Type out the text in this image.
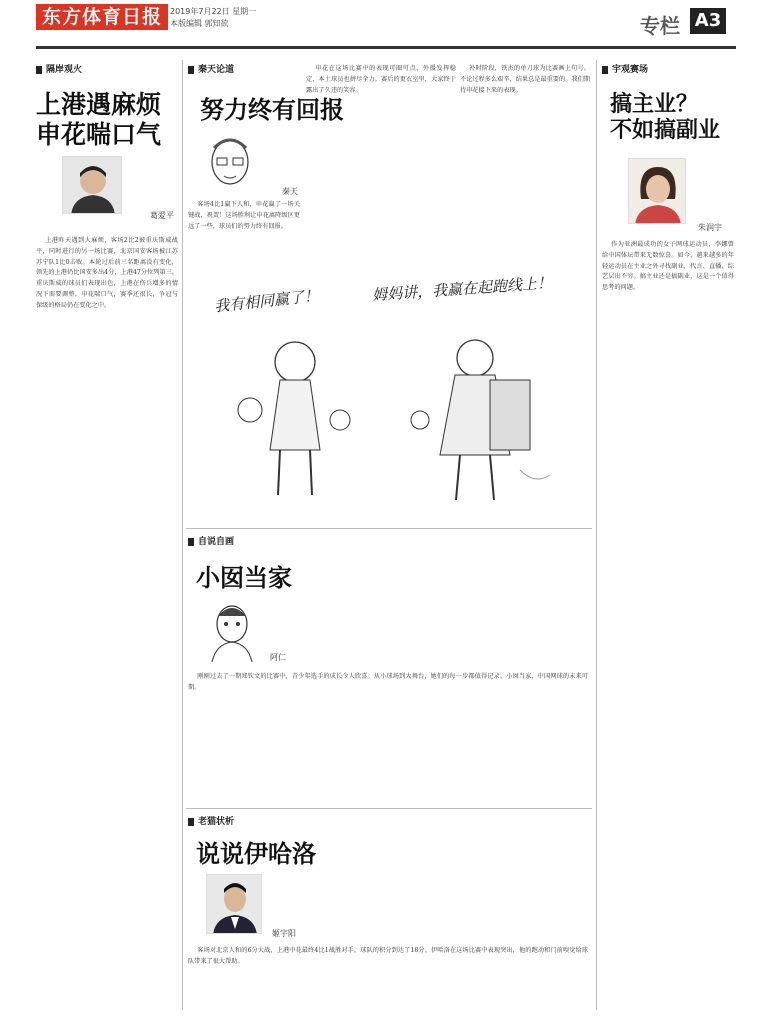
东方体育日报 2019年7月22日 星期一
本版编辑 郭知欲	专栏 A3
隔岸观火
上港遇麻烦
申花喘口气
葛爱平
上港昨天遇到大麻烦，客场2比2被重庆斯威战平，同时进行的另一场比赛，北京国安客场被江苏苏宁队1比0击败。本轮过后前三名距离没有变化，领先的上港仍比国安多出4分，上港47分位列第三。重庆斯威的球员们表现出色，上港在伤兵增多的情况下需要调整。申花喘口气，赛季还很长，争冠与保级的格局仍在变化之中。
秦天论道
努力终有回报
秦天
客场4比1赢下人和，申花赢了一场关键战，祝贺！这场胜利让申花离降级区更远了一些，球员们的努力终有回报。
申花在这场比赛中的表现可圈可点，外援发挥稳定，本土球员也拼尽全力。赛后的更衣室里，大家终于露出了久违的笑容。
补时阶段，铁杰的单刀球为比赛画上句号。不论过程多么艰辛，结果总是最重要的。我们期待申花接下来的表现。
我有相同赢了！	姆妈讲，我赢在起跑线上！
宇观赛场
搞主业？
不如搞副业
朱润宇
作为亚洲最成功的女子网球运动员，李娜曾给中国体坛带来无数惊喜。如今，越来越多的年轻运动员在主业之外寻找副业，代言、直播、综艺层出不穷。搞主业还是搞副业，这是一个值得思考的问题。
自说自画
小囡当家
阿仁
刚刚过去了一期郑钦文的比赛中，青少年选手的成长令人欣喜。从小球场到大舞台，她们的每一步都值得记录。小囡当家，中国网球的未来可期。
老猫状析
说说伊哈洛
姬宇阳
客场对北京人和的6分大战，上港中花最终4比1战胜对手。球队的积分到达了18分。伊哈洛在这场比赛中表现突出，他的跑动和门前嗅觉给球队带来了很大帮助。
